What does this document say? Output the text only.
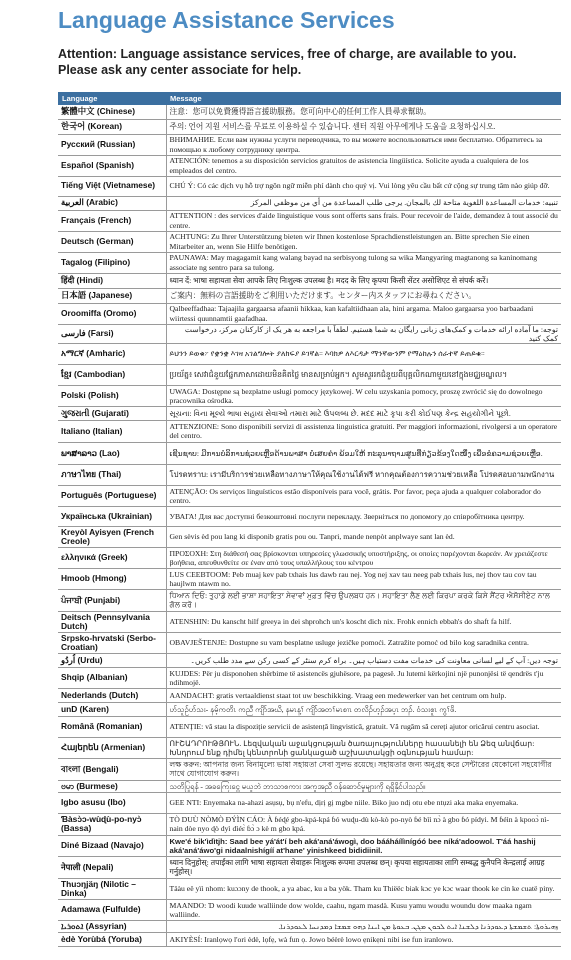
Language Assistance Services
Attention: Language assistance services, free of charge, are available to you.
Please ask any center associate for help.
Language	Message
繁體中文 (Chinese)	注意：您可以免費獲得語言援助服務。您可向中心的任何工作人員尋求幫助。
한국어 (Korean)	주의: 언어 지원 서비스를 무료로 이용하실 수 있습니다. 센터 직원 아무에게나 도움을 요청하십시오.
Русский (Russian)	ВНИМАНИЕ. Если вам нужны услуги переводчика, то вы можете воспользоваться ими бесплатно. Обратитесь за помощью к любому сотруднику центра.
Español (Spanish)	ATENCIÓN: tenemos a su disposición servicios gratuitos de asistencia lingüística. Solicite ayuda a cualquiera de los empleados del centro.
Tiếng Việt (Vietnamese)	CHÚ Ý: Có các dịch vụ hỗ trợ ngôn ngữ miễn phí dành cho quý vị. Vui lòng yêu cầu bất cứ cộng sự trung tâm nào giúp đỡ.
العربية (Arabic)	تنبيه: خدمات المساعدة اللغوية متاحة لك بالمجان. يرجى طلب المساعدة من أي من موظفي المركز
Français (French)	ATTENTION : des services d'aide linguistique vous sont offerts sans frais. Pour recevoir de l'aide, demandez à tout associé du centre.
Deutsch (German)	ACHTUNG: Zu Ihrer Unterstützung bieten wir Ihnen kostenlose Sprachdienstleistungen an. Bitte sprechen Sie einen Mitarbeiter an, wenn Sie Hilfe benötigen.
Tagalog (Filipino)	PAUNAWA: May magagamit kang walang bayad na serbisyong tulong sa wika Mangyaring magtanong sa kaninomang associate ng sentro para sa tulong.
हिंदी (Hindi)	ध्यान दें: भाषा सहायता सेवा आपके लिए निःशुल्क उपलब्ध है। मदद के लिए कृपया किसी सेंटर असोशिएट से संपर्क करें।
日本語 (Japanese)	ご案内：無料の言語援助をご利用いただけます。センター内スタッフにお尋ねください。
Oroomiffa (Oromo)	Qalbeeffadhaa: Tajaajila gargaarsa afaanii hikkaa, kan kafaltiidhaan ala, hini argama. Maloo gargaarsa yoo barbaadani wiirtessi quunnamtii gaafadhaa.
فارسی (Farsi)	توجه: ما آماده ارائه خدمات و کمک‌های زبانی رایگان به شما هستیم. لطفاً با مراجعه به هر یک از کارکنان مرکز، درخواست کمک کنید
አማርኛ (Amharic)	ይህንን ይወቁ፦ የቋንቋ እገዛ አገልግሎት ያለክፍያ ይገኛል። እባክዎ ለእርዳታ ማንኛውንም የማዕከሉን ሰራተኛ ይጠይቁ።
ខ្មែរ (Cambodian)	ប្រយ័ត្ន៖ សេវាជំនួយផ្នែកភាសាដោយមិនគិតថ្លៃ មានសម្រាប់អ្នក។ សូមសួររកជំនួយពីបុគ្គលិកណាមួយនៅក្នុងមជ្ឈមណ្ឌល។
Polski (Polish)	UWAGA: Dostępne są bezpłatne usługi pomocy językowej. W celu uzyskania pomocy, proszę zwrócić się do dowolnego pracownika ośrodka.
ગુજરાતી (Gujarati)	સૂચના: વિના મૂલ્યે ભાષા સહાય સેવાઓ તમારા માટે ઉપલબ્ધ છે. મદદ માટે કૃપા કરી કોઈપણ કેન્દ્ર સહયોગીને પૂછો.
Italiano (Italian)	ATTENZIONE: Sono disponibili servizi di assistenza linguistica gratuiti. Per maggiori informazioni, rivolgersi a un operatore del centro.
ພາສາລາວ (Lao)	ເຊີນຊາບ: ມີການບໍລິການຊ່ວຍເຫຼືອດ້ານພາສາ ບໍ່ເສຍຄ່າ ພ້ອມໃຫ້ ກະລຸນາຖາມສູນທີ່ກ່ຽວຂ້ອງໃດໜຶ່ງ ເພື່ອຂໍຄວາມຊ່ວຍເຫຼືອ.
ภาษาไทย (Thai)	โปรดทราบ: เรามีบริการช่วยเหลือทางภาษาให้คุณใช้งานได้ฟรี หากคุณต้องการความช่วยเหลือ โปรดสอบถามพนักงาน
Português (Portuguese)	ATENÇÃO: Os serviços linguísticos estão disponíveis para você, grátis. Por favor, peça ajuda a qualquer colaborador do centro.
Українська (Ukrainian)	УВАГА! Для вас доступні безкоштовні послуги перекладу. Зверніться по допомогу до співробітника центру.
Kreyòl Ayisyen (French Creole)	Gen sèvis èd pou lang ki disponib gratis pou ou. Tanpri, mande nenpòt anplwaye sant lan èd.
ελληνικά (Greek)	ΠΡΟΣΟΧΗ: Στη διάθεσή σας βρίσκονται υπηρεσίες γλωσσικής υποστήριξης, οι οποίες παρέχονται δωρεάν. Αν χρειάζεστε βοήθεια, απευθυνθείτε σε έναν από τους υπαλλήλους του κέντρου
Hmoob (Hmong)	LUS CEEBTOOM: Peb muaj kev pab txhais lus dawb rau nej. Yog nej xav tau neeg pab txhais lus, nej thov tau cov tau haujlwm ntawm no.
ਪੰਜਾਬੀ (Punjabi)	ਧਿਆਨ ਦਿਓ: ਤੁਹਾਡੇ ਲਈ ਭਾਸ਼ਾ ਸਹਾਇਤਾ ਸੇਵਾਵਾਂ ਮੁਫ਼ਤ ਵਿੱਚ ਉਪਲਬਧ ਹਨ। ਸਹਾਇਤਾ ਲੈਣ ਲਈ ਕਿਰਪਾ ਕਰਕੇ ਕਿਸੇ ਸੈਂਟਰ ਐਸੋਸੀਏਟ ਨਾਲ ਗੱਲ ਕਰੋ।
Deitsch (Pennsylvania Dutch)	ATENSHIN: Du kanscht hilf greeya in dei shprohch un's koscht dich nix. Frohk ennich ebbah's do shaft fa hilf.
Srpsko-hrvatski (Serbo-Croatian)	OBAVJEŠTENJE: Dostupne su vam besplatne usluge jezičke pomoći. Zatražite pomoć od bilo kog saradnika centra.
اُردُو (Urdu)	توجہ دیں: آپ کے لیے لسانی معاونت کی خدمات مفت دستیاب ہیں۔ براہ کرم سنٹر کے کسی رکن سے مدد طلب کریں۔
Shqip (Albanian)	KUJDES: Për ju disponohen shërbime të asistencës gjuhësore, pa pagesë. Ju lutemi kërkojini një punonjësi të qendrës t'ju ndihmojë.
Nederlands (Dutch)	AANDACHT: gratis vertaaldienst staat tot uw beschikking. Vraag een medewerker van het centrum om hulp.
unD (Karen)	ဟ်သူဉ်ဟ်သး- နမ့်ကတိၤ ကညီ ကျိာ်အဃိ, နမၤန့ၢ် ကျိာ်အတၢ်မၤစၢၤ တလိၣ်ဟ့ၣ်အပ့ၤ ဘၣ်. ဝံသးစူၤ ကွၢ်ဖိ.
Română (Romanian)	ATENȚIE: vă stau la dispoziție servicii de asistență lingvistică, gratuit. Vă rugăm să cereți ajutor oricărui centru asociat.
Հայերեն (Armenian)	ՈՒՇԱԴՐՈՒԹՅՈՒՆ. Լեզվական աջակցության ծառայությունները հասանելի են Ձեզ անվճար: Խնդրում ենք դիմել կենտրոնի ցանկացած աշխատակցի օգնության համար:
বাংলা (Bengali)	লক্ষ করুন: আপনার জন্য বিনামূল্যে ভাষা সহায়তা সেবা সুলভ রয়েছে। সহায়তার জন্য অনুগ্রহ করে সেন্টারের যেকোনো সহযোগীর সাথে যোগাযোগ করুন।
ဗမာ (Burmese)	သတိပြုရန် - အခကြေးငွေ မယူဘဲ ဘာသာစကား အကူအညီ ဝန်ဆောင်မှုများကို ရရှိနိုင်ပါသည်။
Igbo asusu (Ibo)	GEE NTI: Enyemaka na-ahazi asụsụ, bụ n'efu, dịrị gị mgbe niile. Biko juo ndị otu ebe ntụzi aka maka enyemaka.
Ɓàsɔ̀ɔ-wùɖù-po-nyɔ̀ (Bassa)	TÒ DUÙ NÒMÒ ƉÝÌN CÁO: À ɓéɖé gbo-kpá-kpá ɓó wuɖu-dù kò-kò po-nyò ɓé bìì nɔ̀ à gbo ɓó pídyi. M ɓéìn à kpooɔ̀ nì-nain dòe nyo ɖò dyì dìéɛ̀ ɓɔ̀ ɔ kè m gbo kpá.
Diné Bizaad (Navajo)	Kwe'é bik'ìdìtjh: Saad bee yá'át'í beh aká'aná'áwogì, doo bááháílìnígóó bee níká'adoowol. T'áá hashij aká'aná'áwo'gi nidaalnishígíí at'hane' yinishkeed bididiinil.
नेपाली (Nepali)	ध्यान दिनुहोस्: तपाईंका लागि भाषा सहायता सेवाहरू निःशुल्क रूपमा उपलब्ध छन्। कृपया सहायताका लागि सम्बद्ध कुनैपनि केन्द्रलाई आग्रह गर्नुहोस्।
Thuɔŋjäŋ (Nilotic – Dinka)	Täàu eë yïi nhom: kuɔɔny de thook, a ya abac, ku a ba yök. Tham ku Thiëëc biak kɔc ye kɔc waar thook ke cin ke cuatë piny.
Adamawa (Fulfulde)	MAANDO: Ɗ woodi kuude walliinde dow wolde, caahu, ngam masdà. Kusu yamu woudu woundu dow maaka ngam walliinde.
ܐܬܘܪܝܐ (Assyrian)	ܙܗܝܪܘܬܐ: ܬܫܡܫܬܐ ܕܥܘܕܪܢܐ ܕܠܫܢܐ ܐܝܬ ܠܟܘܢ ܡܓܢ. ܒܥܘܬܐ ܡܢ ܐܝܢܐ ܕܗܘ ܫܡܫܐ ܕܡܕܢܚܐ ܠܥܘܕܪܢܐ.
èdè Yorùbá (Yoruba)	AKIYÈSÍ: Iranlọwọ l'ori èdè, lọfẹ, wà fun ọ. Jowo béèrè lowo ẹnikẹni nibi ise fun iranlowo.
